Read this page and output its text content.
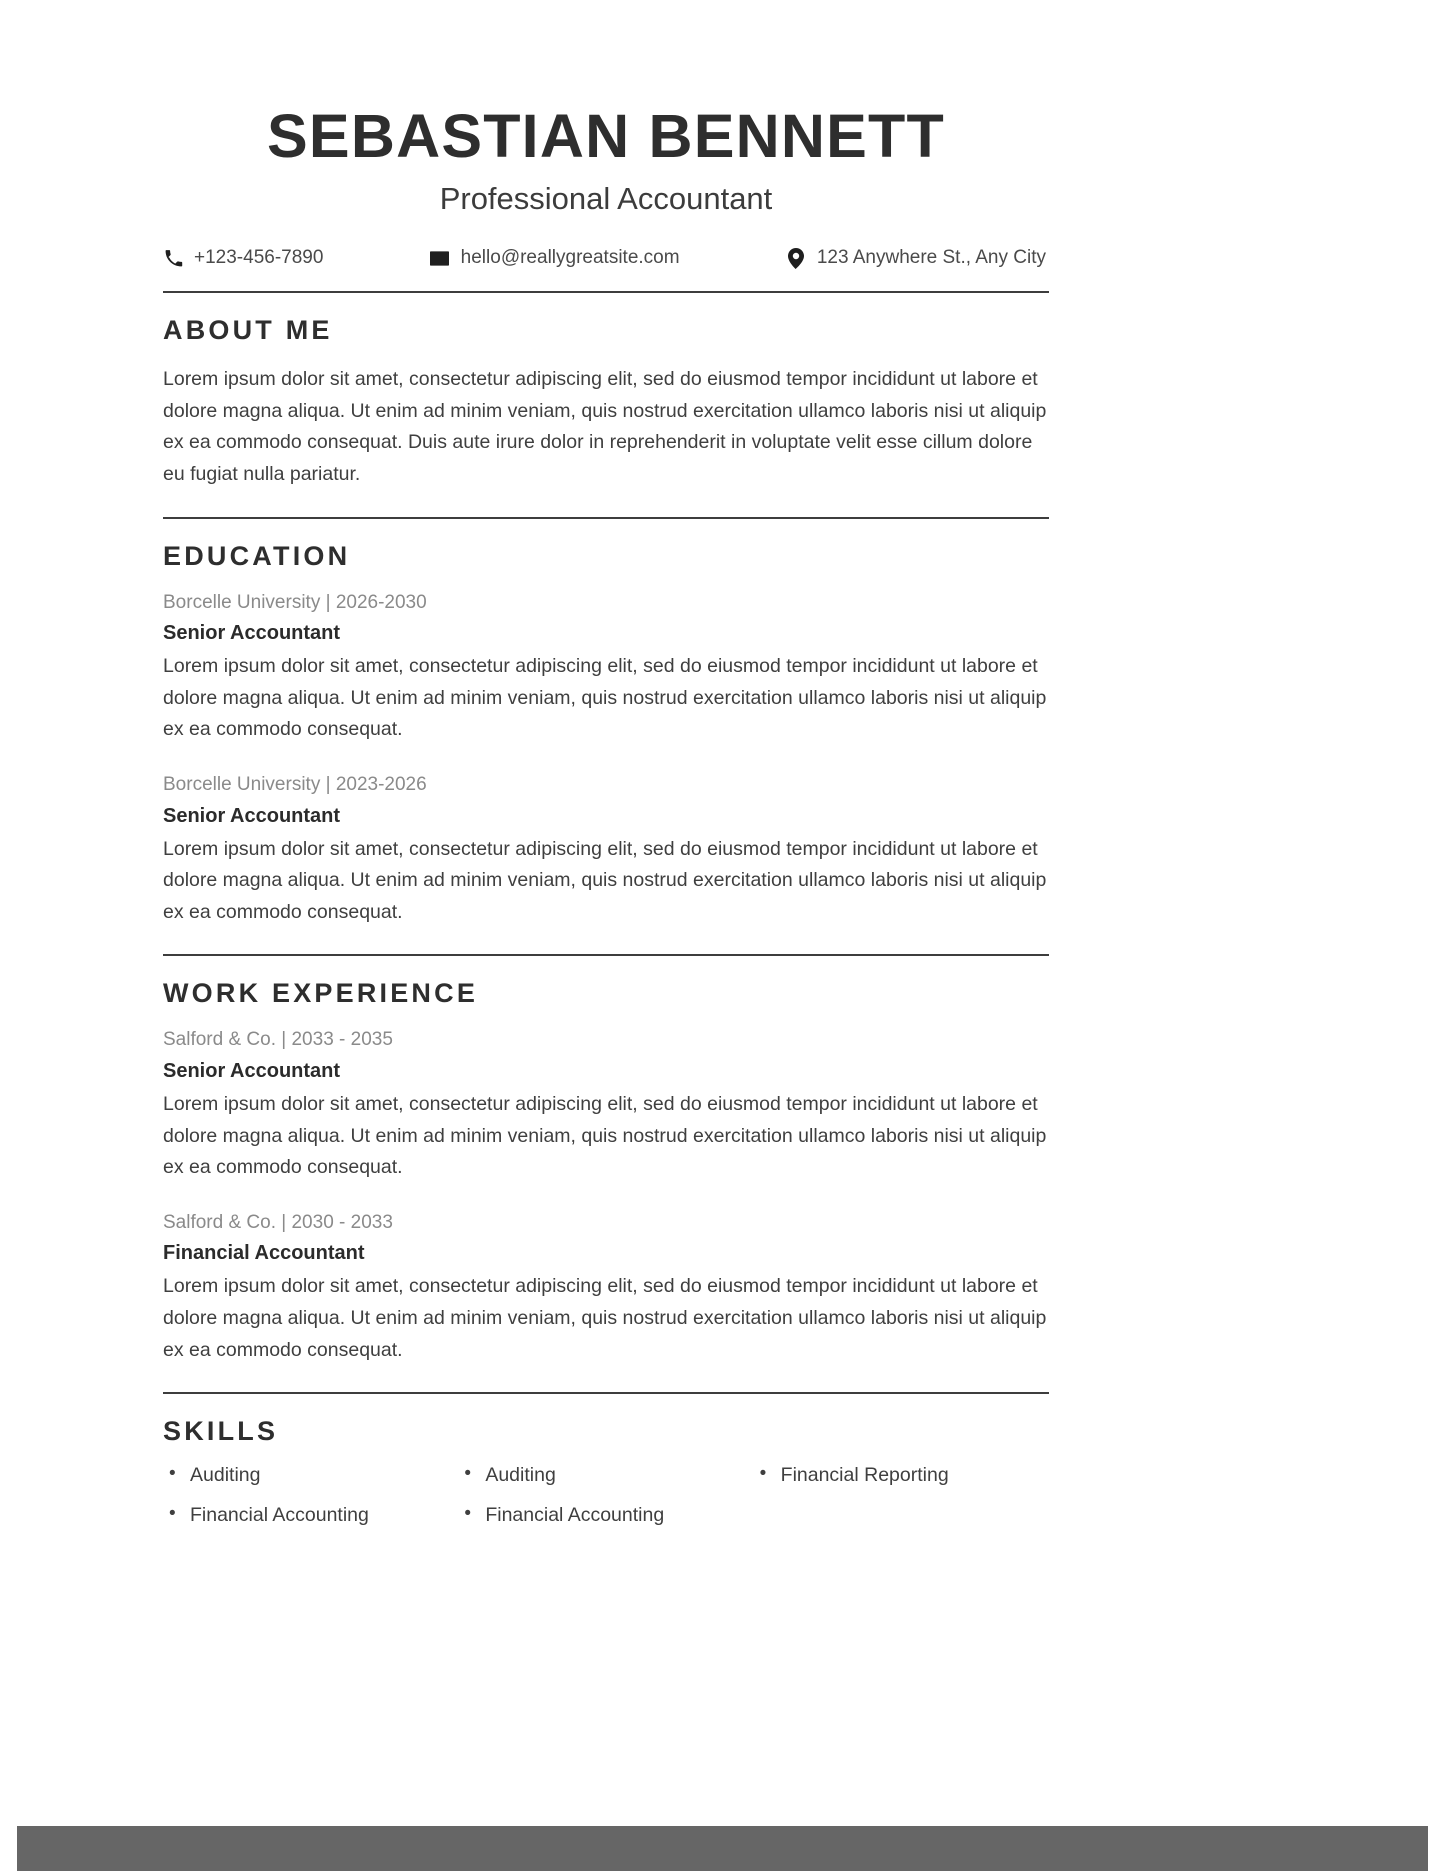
SEBASTIAN BENNETT

Professional Accountant

+123-456-7890	hello@reallygreatsite.com	123 Anywhere St., Any City
ABOUT ME

Lorem ipsum dolor sit amet, consectetur adipiscing elit, sed do eiusmod tempor incididunt ut labore et dolore magna aliqua. Ut enim ad minim veniam, quis nostrud exercitation ullamco laboris nisi ut aliquip ex ea commodo consequat. Duis aute irure dolor in reprehenderit in voluptate velit esse cillum dolore eu fugiat nulla pariatur.

EDUCATION

Borcelle University | 2026-2030

Senior Accountant

Lorem ipsum dolor sit amet, consectetur adipiscing elit, sed do eiusmod tempor incididunt ut labore et dolore magna aliqua. Ut enim ad minim veniam, quis nostrud exercitation ullamco laboris nisi ut aliquip ex ea commodo consequat.

Borcelle University | 2023-2026

Senior Accountant

Lorem ipsum dolor sit amet, consectetur adipiscing elit, sed do eiusmod tempor incididunt ut labore et dolore magna aliqua. Ut enim ad minim veniam, quis nostrud exercitation ullamco laboris nisi ut aliquip ex ea commodo consequat.

WORK EXPERIENCE

Salford & Co. | 2033 - 2035

Senior Accountant

Lorem ipsum dolor sit amet, consectetur adipiscing elit, sed do eiusmod tempor incididunt ut labore et dolore magna aliqua. Ut enim ad minim veniam, quis nostrud exercitation ullamco laboris nisi ut aliquip ex ea commodo consequat.

Salford & Co. | 2030 - 2033

Financial Accountant

Lorem ipsum dolor sit amet, consectetur adipiscing elit, sed do eiusmod tempor incididunt ut labore et dolore magna aliqua. Ut enim ad minim veniam, quis nostrud exercitation ullamco laboris nisi ut aliquip ex ea commodo consequat.

SKILLS
• Auditing
• Financial Accounting
• Auditing
• Financial Accounting
• Financial Reporting
